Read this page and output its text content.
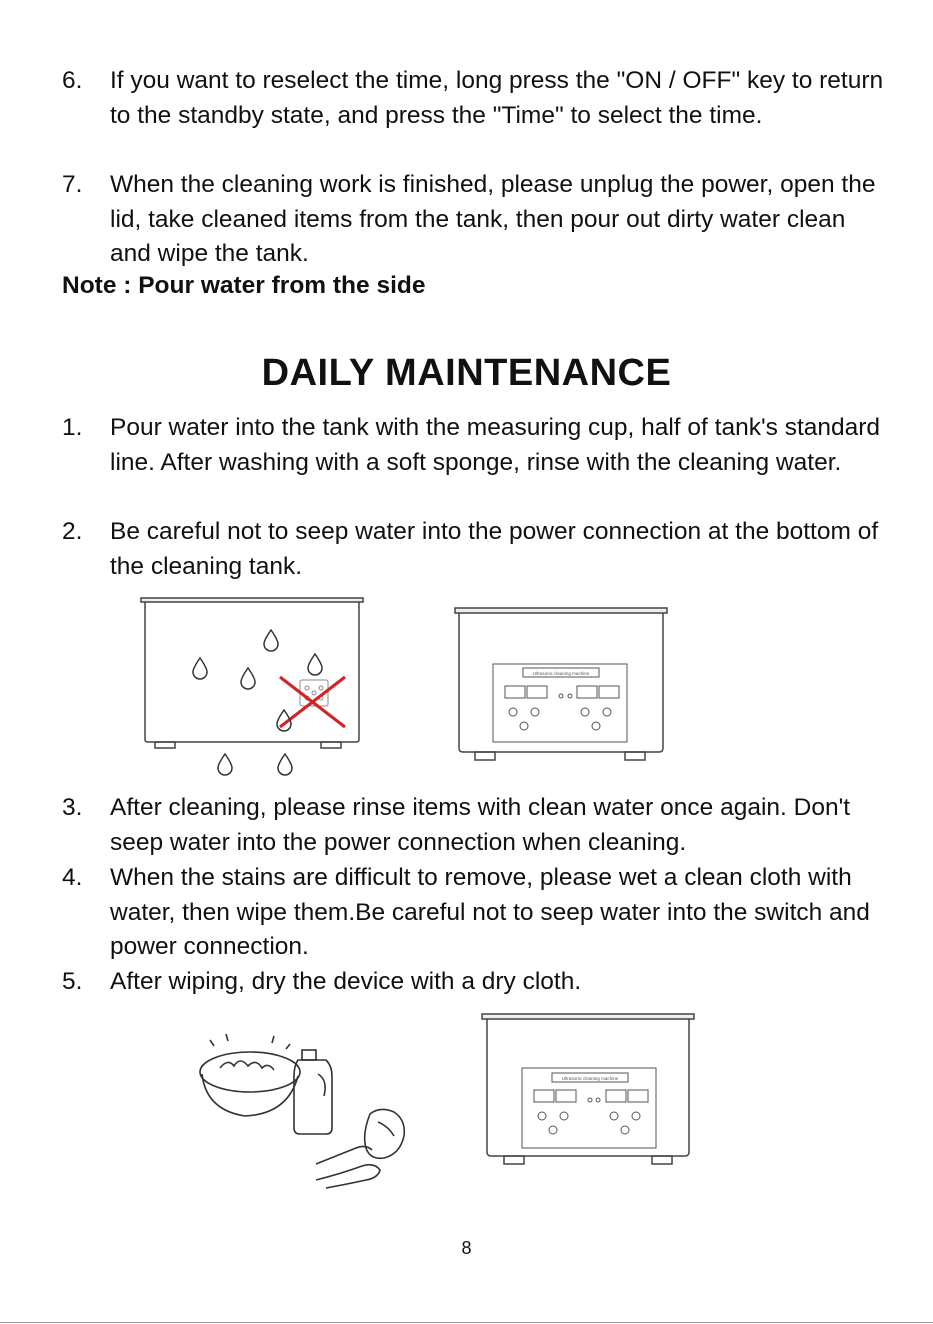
6. If you want to reselect the time, long press the "ON / OFF" key to return to the standby state, and press the "Time" to select the time.
7. When the cleaning work is finished, please unplug the power, open the lid, take cleaned items from the tank, then pour out dirty water clean and wipe the tank.
Note : Pour water from the side
DAILY MAINTENANCE
1. Pour water into the tank with the measuring cup, half of tank's standard line. After washing with a soft sponge, rinse with the cleaning water.
2. Be careful not to seep water into the power connection at the bottom of the cleaning tank.
Ultrasonic cleaning machine
3. After cleaning, please rinse items with clean water once again. Don't seep water into the power connection when cleaning.
4. When the stains are difficult to remove, please wet a clean cloth with water, then wipe them.Be careful not to seep water into the switch and power connection.
5. After wiping, dry the device with a dry cloth.
Ultrasonic cleaning machine
8
